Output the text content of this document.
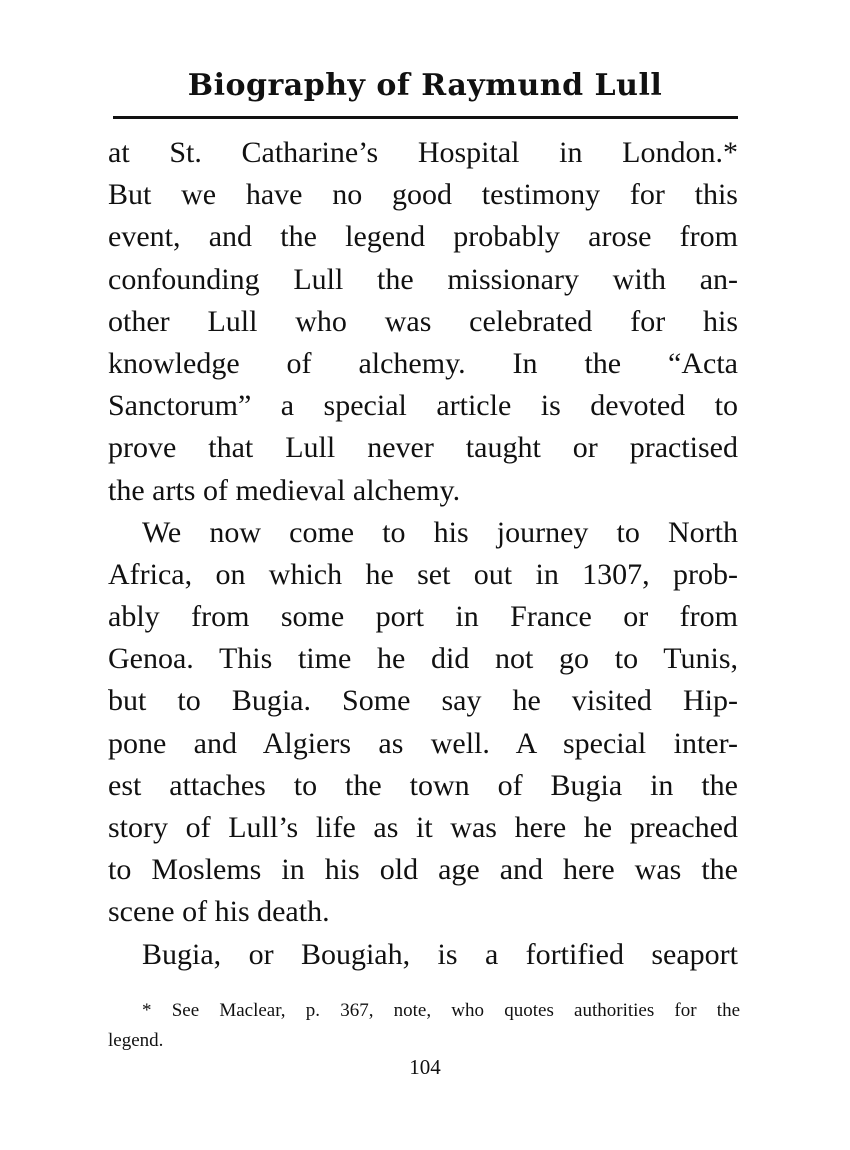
Biography of Raymund Lull
at St. Catharine’s Hospital in London.*
But we have no good testimony for this
event, and the legend probably arose from
confounding Lull the missionary with an-
other Lull who was celebrated for his
knowledge of alchemy. In the “Acta
Sanctorum” a special article is devoted to
prove that Lull never taught or practised
the arts of medieval alchemy.
We now come to his journey to North
Africa, on which he set out in 1307, prob-
ably from some port in France or from
Genoa. This time he did not go to Tunis,
but to Bugia. Some say he visited Hip-
pone and Algiers as well. A special inter-
est attaches to the town of Bugia in the
story of Lull’s life as it was here he preached
to Moslems in his old age and here was the
scene of his death.
Bugia, or Bougiah, is a fortified seaport
* See Maclear, p. 367, note, who quotes authorities for the
legend.
104
